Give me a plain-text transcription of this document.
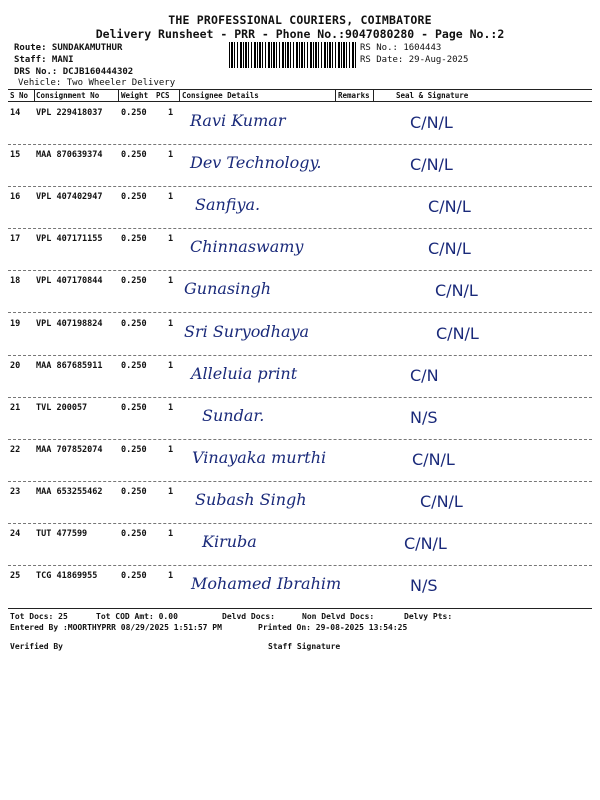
THE PROFESSIONAL COURIERS, COIMBATORE
Delivery Runsheet - PRR - Phone No.:9047080280 - Page No.:2
Route: SUNDAKAMUTHUR
Staff: MANI
DRS No.: DCJB160444302
Vehicle: Two Wheeler Delivery
RS No.: 1604443
RS Date: 29-Aug-2025
S No Consignment No	Weight PCS Consignee Details	Remarks	Seal & Signature
14 VPL 229418037 0.250	1 Ravi Kumar	C/N/L
15 MAA 870639374 0.250	1 Dev Technology.	C/N/L
16 VPL 407402947 0.250	1 Sanfiya.	C/N/L
17 VPL 407171155 0.250	1 Chinnaswamy	C/N/L
18 VPL 407170844 0.250	1 Gunasingh	C/N/L
19 VPL 407198824 0.250	1 Sri Suryodhaya	C/N/L
20 MAA 867685911 0.250	1 Alleluia print	C/N
21 TVL 200057	0.250	1 Sundar.	N/S
22 MAA 707852074 0.250	1 Vinayaka murthi	C/N/L
23 MAA 653255462 0.250	1 Subash Singh	C/N/L
24 TUT 477599	0.250	1 Kiruba	C/N/L
25 TCG 41869955	0.250	1 Mohamed Ibrahim	N/S
Tot Docs: 25	Tot COD Amt: 0.00	Delvd Docs:	Non Delvd Docs:	Delvy Pts:
Entered By :MOORTHYPRR 08/29/2025 1:51:57 PM	Printed On: 29-08-2025 13:54:25
Verified By	Staff Signature
